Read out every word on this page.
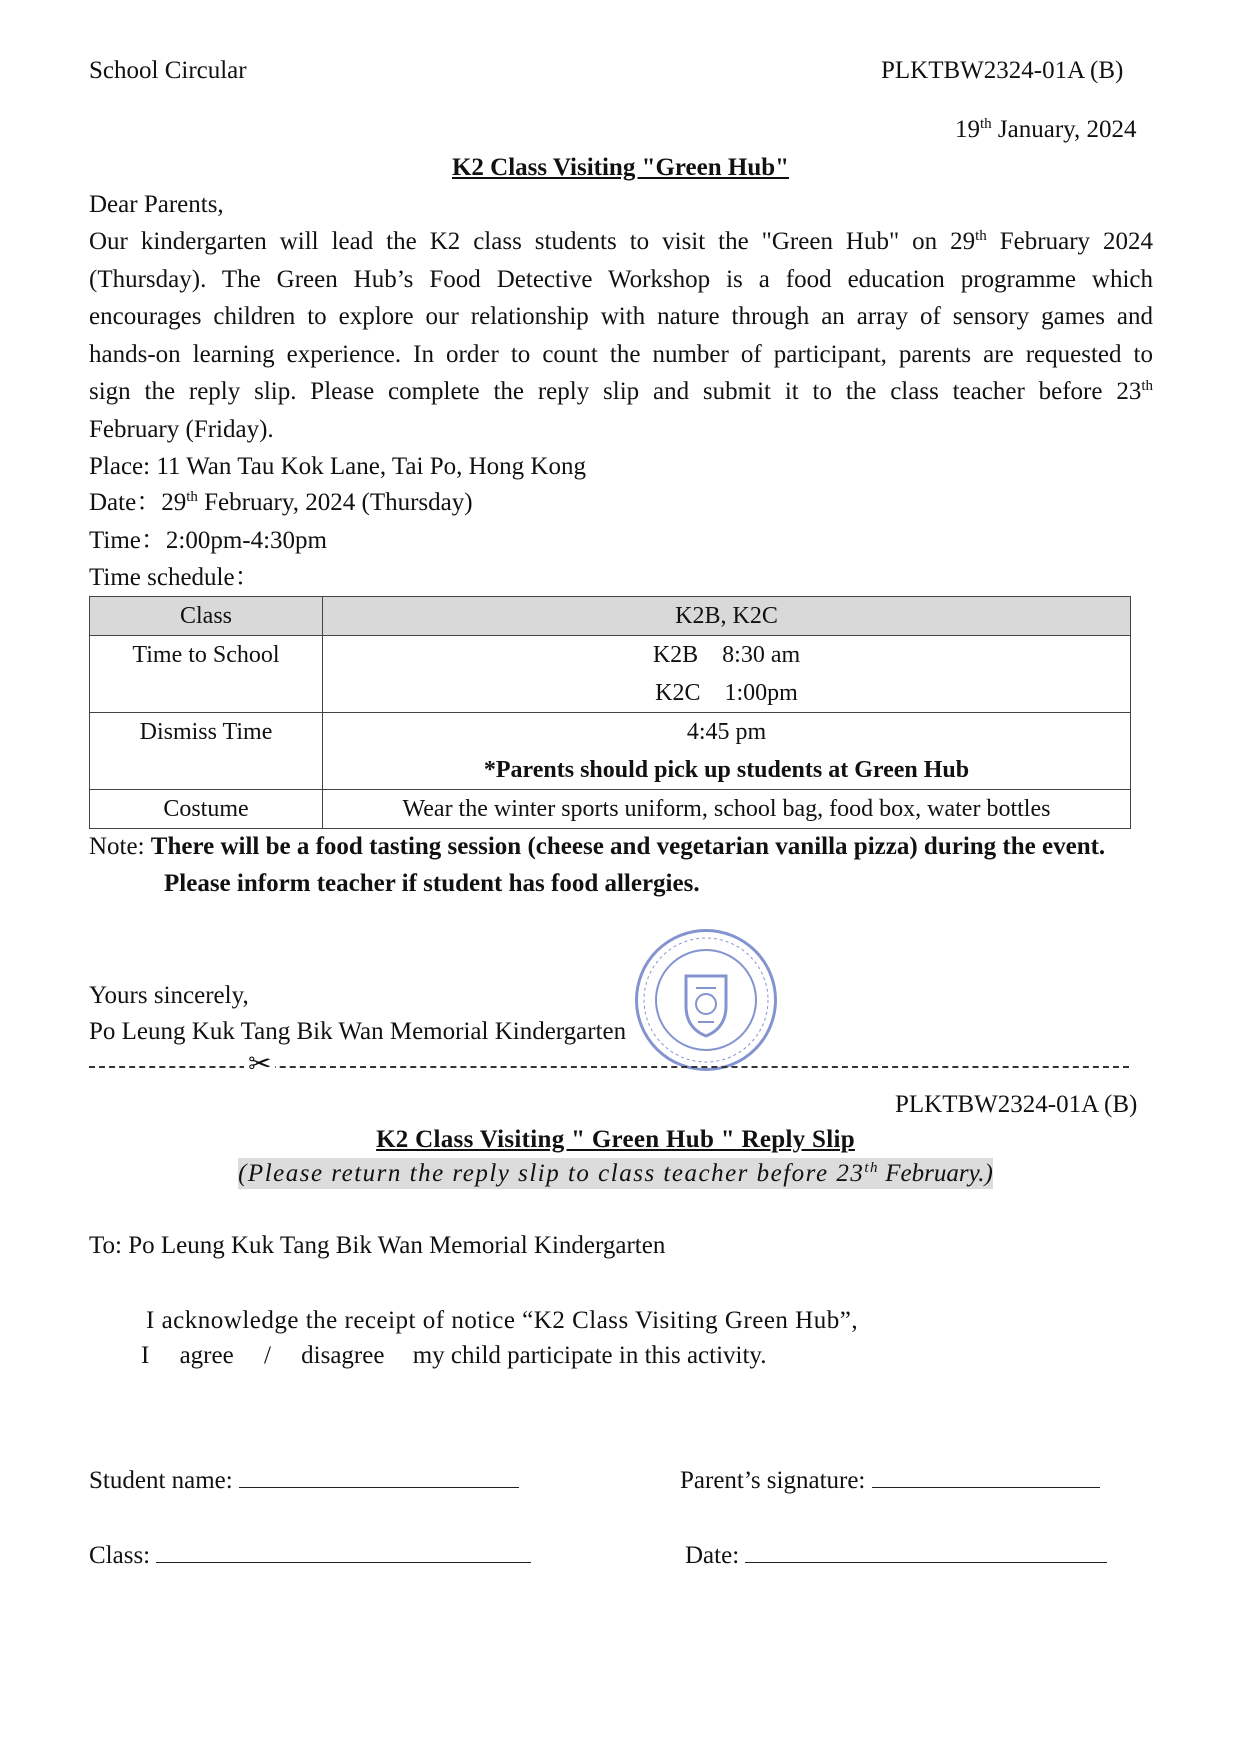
School Circular	PLKTBW2324-01A (B)
19th January, 2024
K2 Class Visiting "Green Hub"
Dear Parents,
Our kindergarten will lead the K2 class students to visit the "Green Hub" on 29th February 2024
(Thursday). The Green Hub’s Food Detective Workshop is a food education programme which
encourages children to explore our relationship with nature through an array of sensory games and
hands-on learning experience. In order to count the number of participant, parents are requested to
sign the reply slip. Please complete the reply slip and submit it to the class teacher before 23th
February (Friday).
Place: 11 Wan Tau Kok Lane, Tai Po, Hong Kong
Date：29th February, 2024 (Thursday)
Time：2:00pm-4:30pm
Time schedule：
Class	K2B, K2C
Time to School	K2B    8:30 am
K2C    1:00pm

Dismiss Time	4:45 pm
*Parents should pick up students at Green Hub

Costume	Wear the winter sports uniform, school bag, food box, water bottles
Note: There will be a food tasting session (cheese and vegetarian vanilla pizza) during the event.
Please inform teacher if student has food allergies.
Yours sincerely,
Po Leung Kuk Tang Bik Wan Memorial Kindergarten
✂
PLKTBW2324-01A (B)
K2 Class Visiting " Green Hub " Reply Slip
(Please return the reply slip to class teacher before 23th February.)
To: Po Leung Kuk Tang Bik Wan Memorial Kindergarten
I acknowledge the receipt of notice “K2 Class Visiting Green Hub”,
I agree / disagree my child participate in this activity.
Student name:	Parent’s signature:
Class:	Date:
